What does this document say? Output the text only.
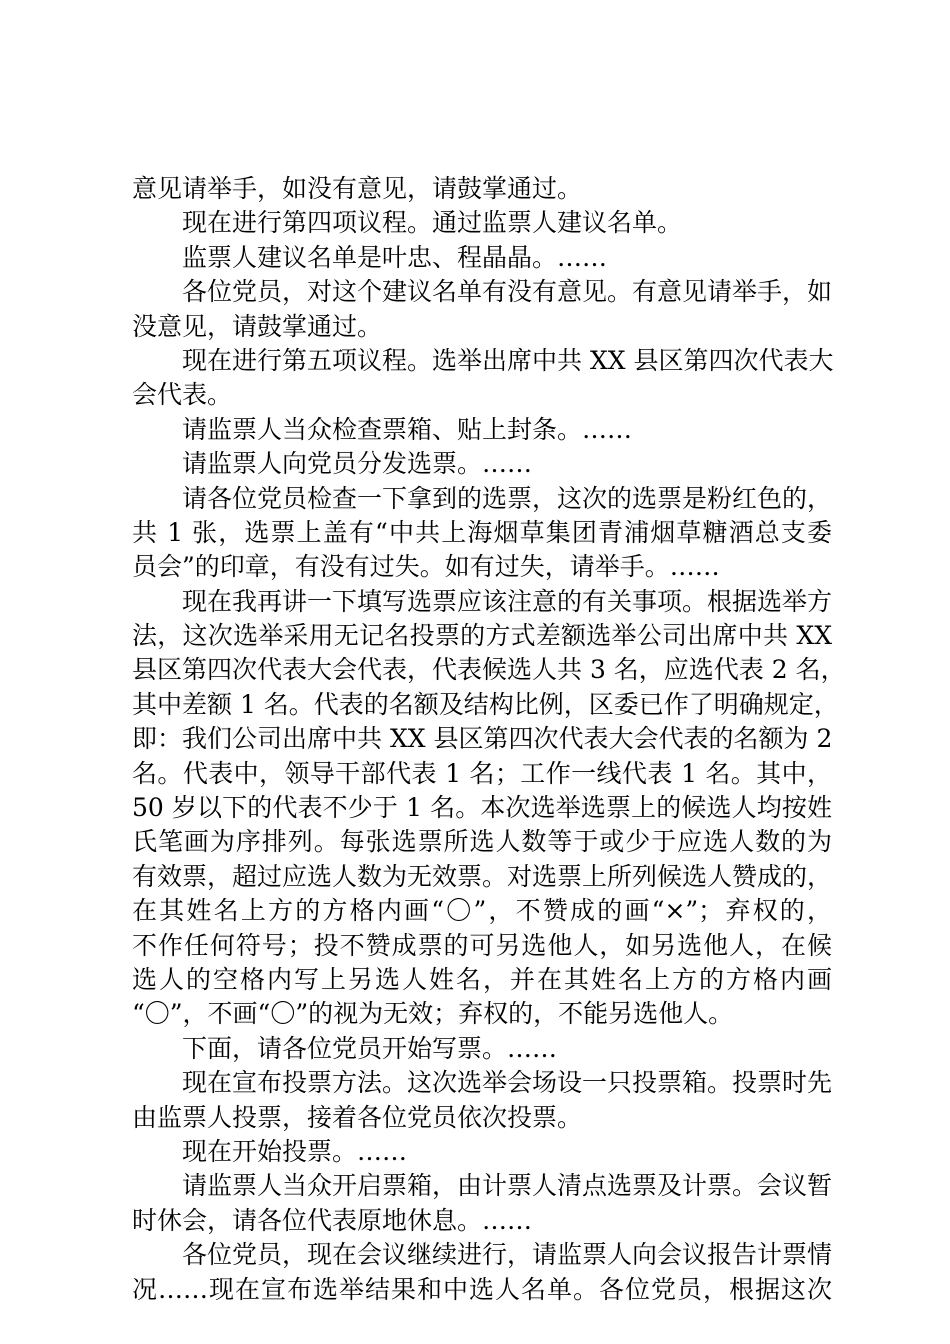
意见请举手，如没有意见，请鼓掌通过。
现在进行第四项议程。通过监票人建议名单。
监票人建议名单是叶忠、程晶晶。……
各位党员，对这个建议名单有没有意见。有意见请举手，如
没意见，请鼓掌通过。
现在进行第五项议程。选举出席中共 XX 县区第四次代表大
会代表。
请监票人当众检查票箱、贴上封条。……
请监票人向党员分发选票。……
请各位党员检查一下拿到的选票，这次的选票是粉红色的，
共 1 张，选票上盖有“中共上海烟草集团青浦烟草糖酒总支委
员会”的印章，有没有过失。如有过失，请举手。……
现在我再讲一下填写选票应该注意的有关事项。根据选举方
法，这次选举采用无记名投票的方式差额选举公司出席中共 XX
县区第四次代表大会代表，代表候选人共 3 名，应选代表 2 名，
其中差额 1 名。代表的名额及结构比例，区委已作了明确规定，
即：我们公司出席中共 XX 县区第四次代表大会代表的名额为 2
名。代表中，领导干部代表 1 名；工作一线代表 1 名。其中，
50 岁以下的代表不少于 1 名。本次选举选票上的候选人均按姓
氏笔画为序排列。每张选票所选人数等于或少于应选人数的为
有效票，超过应选人数为无效票。对选票上所列候选人赞成的，
在其姓名上方的方格内画“〇”，不赞成的画“×”；弃权的，
不作任何符号；投不赞成票的可另选他人，如另选他人，在候
选人的空格内写上另选人姓名，并在其姓名上方的方格内画
“〇”，不画“〇”的视为无效；弃权的，不能另选他人。
下面，请各位党员开始写票。……
现在宣布投票方法。这次选举会场设一只投票箱。投票时先
由监票人投票，接着各位党员依次投票。
现在开始投票。……
请监票人当众开启票箱，由计票人清点选票及计票。会议暂
时休会，请各位代表原地休息。……
各位党员，现在会议继续进行，请监票人向会议报告计票情
况……现在宣布选举结果和中选人名单。各位党员，根据这次
